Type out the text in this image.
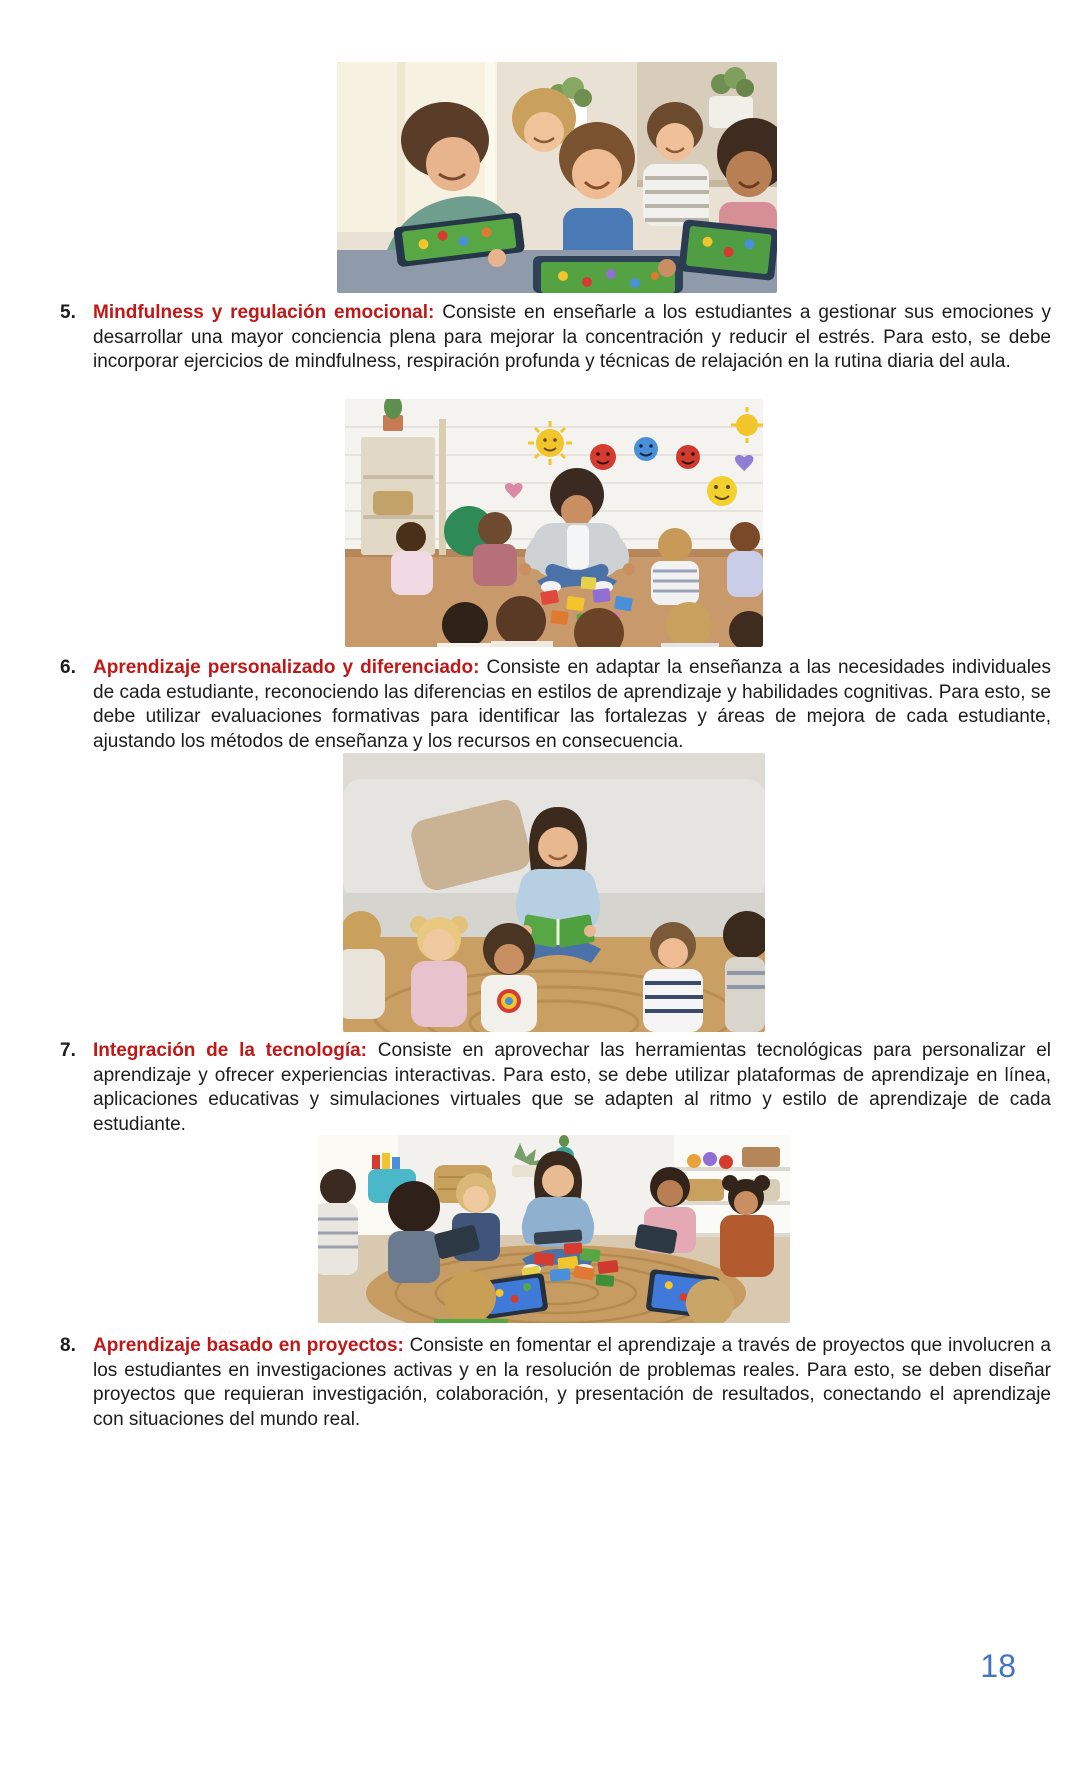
5. Mindfulness y regulación emocional: Consiste en enseñarle a los estudiantes a gestionar sus emociones y desarrollar una mayor conciencia plena para mejorar la concentración y reducir el estrés. Para esto, se debe incorporar ejercicios de mindfulness, respiración profunda y técnicas de relajación en la rutina diaria del aula.

6. Aprendizaje personalizado y diferenciado: Consiste en adaptar la enseñanza a las necesidades individuales de cada estudiante, reconociendo las diferencias en estilos de aprendizaje y habilidades cognitivas. Para esto, se debe utilizar evaluaciones formativas para identificar las fortalezas y áreas de mejora de cada estudiante, ajustando los métodos de enseñanza y los recursos en consecuencia.

7. Integración de la tecnología: Consiste en aprovechar las herramientas tecnológicas para personalizar el aprendizaje y ofrecer experiencias interactivas. Para esto, se debe utilizar plataformas de aprendizaje en línea, aplicaciones educativas y simulaciones virtuales que se adapten al ritmo y estilo de aprendizaje de cada estudiante.

8. Aprendizaje basado en proyectos: Consiste en fomentar el aprendizaje a través de proyectos que involucren a los estudiantes en investigaciones activas y en la resolución de problemas reales. Para esto, se deben diseñar proyectos que requieran investigación, colaboración, y presentación de resultados, conectando el aprendizaje con situaciones del mundo real.

18
